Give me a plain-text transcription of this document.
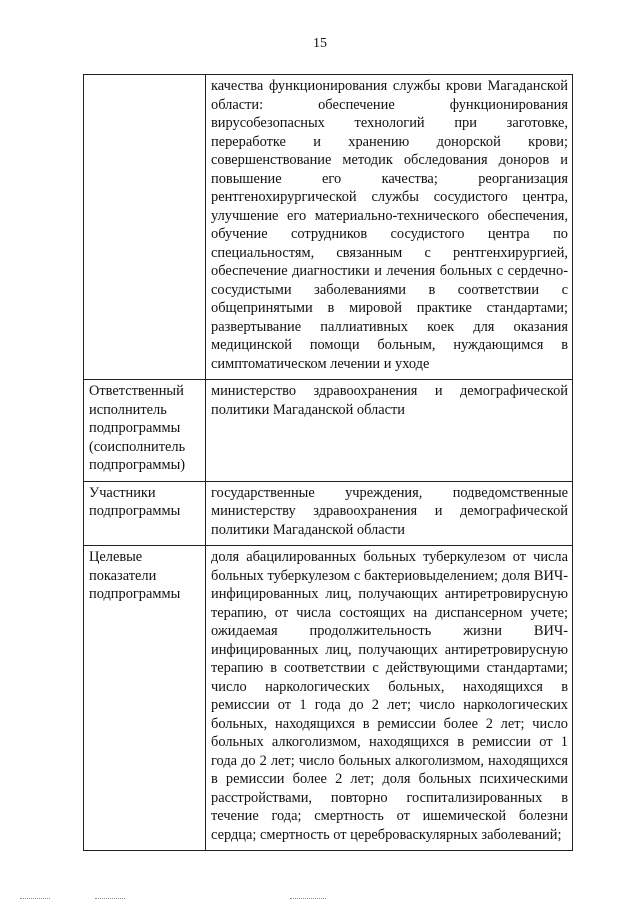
15
	качества функционирования службы крови Магаданской области: обеспечение функционирования вирусобезопасных технологий при заготовке, переработке и хранению донорской крови; совершенствование методик обследования доноров и повышение его качества; реорганизация рентгенохирургической службы сосудистого центра, улучшение его материально-технического обеспечения, обучение сотрудников сосудистого центра по специальностям, связанным с рентгенхирургией, обеспечение диагностики и лечения больных с сердечно-сосудистыми заболеваниями в соответствии с общепринятыми в мировой практике стандартами; развертывание паллиативных коек для оказания медицинской помощи больным, нуждающимся в симптоматическом лечении и уходе
Ответственный исполнитель подпрограммы (соисполнитель подпрограммы)	министерство здравоохранения и демографической политики Магаданской области
Участники подпрограммы	государственные учреждения, подведомственные министерству здравоохранения и демографической политики Магаданской области
Целевые показатели подпрограммы	доля абацилированных больных туберкулезом от числа больных туберкулезом с бактериовыделением; доля ВИЧ-инфицированных лиц, получающих антиретровирусную терапию, от числа состоящих на диспансерном учете; ожидаемая продолжительность жизни ВИЧ-инфицированных лиц, получающих антиретровирусную терапию в соответствии с действующими стандартами; число наркологических больных, находящихся в ремиссии от 1 года до 2 лет; число наркологических больных, находящихся в ремиссии более 2 лет; число больных алкоголизмом, находящихся в ремиссии от 1 года до 2 лет; число больных алкоголизмом, находящихся в ремиссии более 2 лет; доля больных психическими расстройствами, повторно госпитализированных в течение года; смертность от ишемической болезни сердца; смертность от цереброваскулярных заболеваний;
